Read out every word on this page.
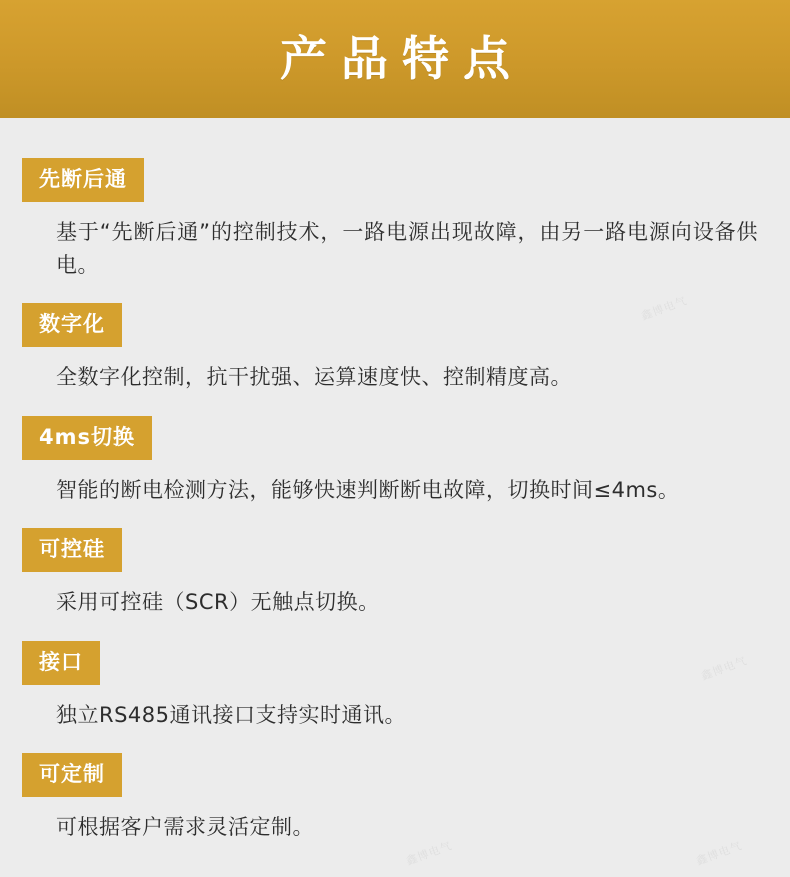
产品特点
先断后通

基于“先断后通”的控制技术，一路电源出现故障，由另一路电源向设备供电。

数字化

全数字化控制，抗干扰强、运算速度快、控制精度高。

4ms切换

智能的断电检测方法，能够快速判断断电故障，切换时间≤4ms。

可控硅

采用可控硅（SCR）无触点切换。

接口

独立RS485通讯接口支持实时通讯。

可定制

可根据客户需求灵活定制。

鑫博电气
鑫博电气
鑫博电气	鑫博电气
